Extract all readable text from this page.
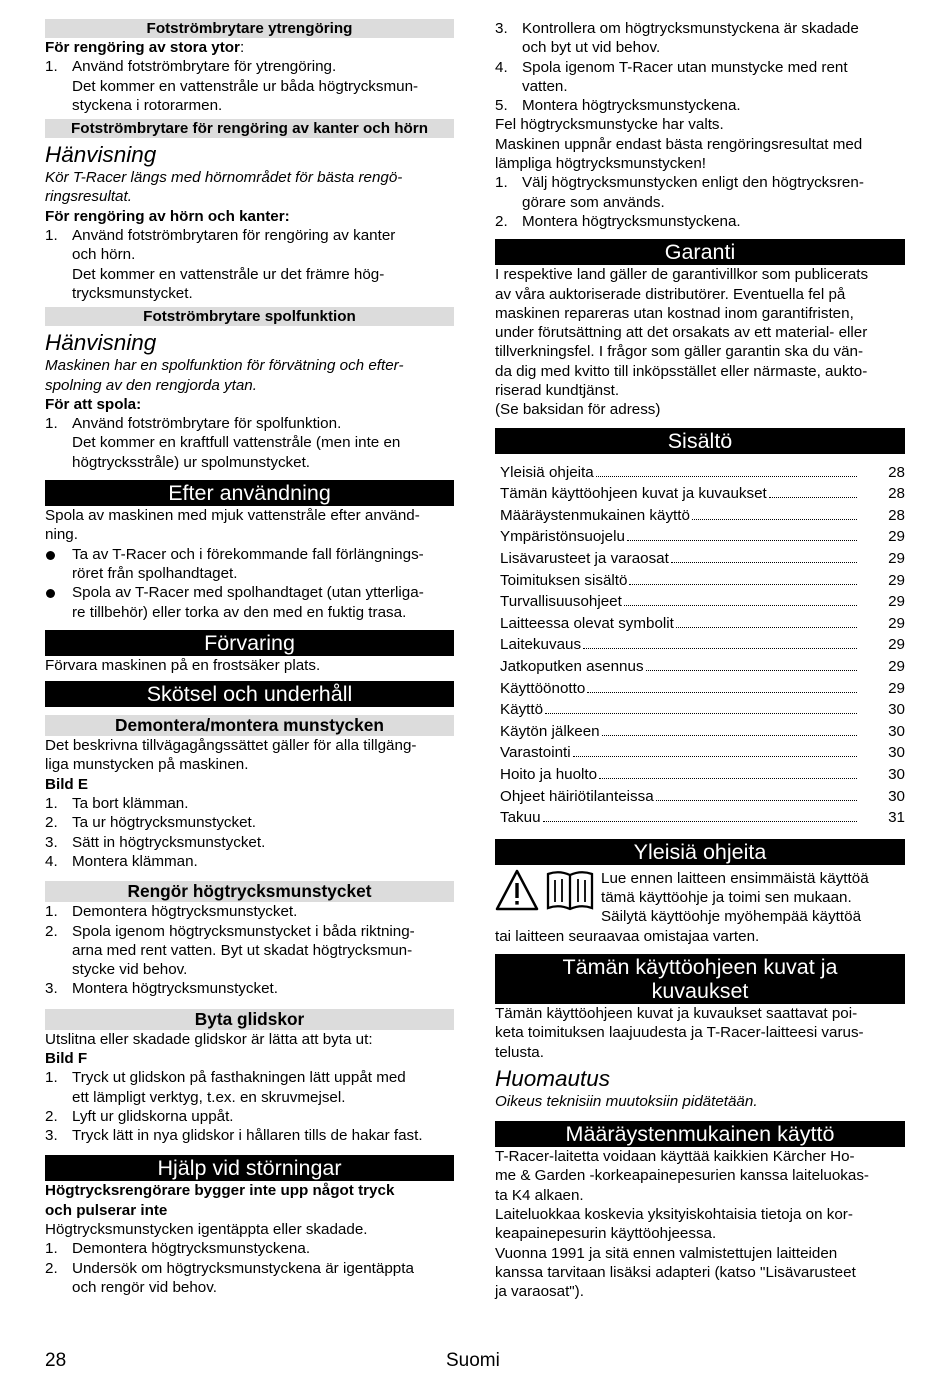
Fotströmbrytare ytrengöring

För rengöring av stora ytor:

1. Använd fotströmbrytare för ytrengöring.
Det kommer en vattenstråle ur båda högtrycksmun-
styckena i rotorarmen.
Fotströmbrytare för rengöring av kanter och hörn

Hänvisning

Kör T-Racer längs med hörnområdet för bästa rengö-
ringsresultat.

För rengöring av hörn och kanter:

1. Använd fotströmbrytaren för rengöring av kanter
och hörn.
Det kommer en vattenstråle ur det främre hög-
trycksmunstycket.
Fotströmbrytare spolfunktion

Hänvisning

Maskinen har en spolfunktion för förvätning och efter-
spolning av den rengjorda ytan.

För att spola:

1. Använd fotströmbrytare för spolfunktion.
Det kommer en kraftfull vattenstråle (men inte en
högtrycksstråle) ur spolmunstycket.
Efter användning
Spola av maskinen med mjuk vattenstråle efter använd-
ning.
Ta av T-Racer och i förekommande fall förlängnings-
röret från spolhandtaget.
Spola av T-Racer med spolhandtaget (utan ytterliga-
re tillbehör) eller torka av den med en fuktig trasa.
Förvaring

Förvara maskinen på en frostsäker plats.

Skötsel och underhåll
Demontera/montera munstycken
Det beskrivna tillvägagångssättet gäller för alla tillgäng-
liga munstycken på maskinen.

Bild E

1. Ta bort klämman.
2. Ta ur högtrycksmunstycket.
3. Sätt in högtrycksmunstycket.
4. Montera klämman.
Rengör högtrycksmunstycket
1. Demontera högtrycksmunstycket.
2. Spola igenom högtrycksmunstycket i båda riktning-
arna med rent vatten. Byt ut skadat högtrycksmun-
stycke vid behov.
3. Montera högtrycksmunstycket.
Byta glidskor
Utslitna eller skadade glidskor är lätta att byta ut:

Bild F

1. Tryck ut glidskon på fasthakningen lätt uppåt med
ett lämpligt verktyg, t.ex. en skruvmejsel.
2. Lyft ur glidskorna uppåt.
3. Tryck lätt in nya glidskor i hållaren tills de hakar fast.
Hjälp vid störningar
Högtrycksrengörare bygger inte upp något tryck
och pulserar inte

Högtrycksmunstycken igentäppta eller skadade.

1. Demontera högtrycksmunstyckena.
2. Undersök om högtrycksmunstyckena är igentäppta
och rengör vid behov.
3. Kontrollera om högtrycksmunstyckena är skadade
och byt ut vid behov.
4. Spola igenom T-Racer utan munstycke med rent
vatten.
5. Montera högtrycksmunstyckena.
Fel högtrycksmunstycke har valts.
Maskinen uppnår endast bästa rengöringsresultat med
lämpliga högtrycksmunstycken!
1. Välj högtrycksmunstycken enligt den högtrycksren-
görare som används.
2. Montera högtrycksmunstyckena.
Garanti
I respektive land gäller de garantivillkor som publicerats
av våra auktoriserade distributörer. Eventuella fel på
maskinen repareras utan kostnad inom garantifristen,
under förutsättning att det orsakats av ett material- eller
tillverkningsfel. I frågor som gäller garantin ska du vän-
da dig med kvitto till inköpsstället eller närmaste, aukto-
riserad kundtjänst.
(Se baksidan för adress)
Sisältö
Yleisiä ohjeita	28
Tämän käyttöohjeen kuvat ja kuvaukset	28
Määräystenmukainen käyttö	28
Ympäristönsuojelu	29
Lisävarusteet ja varaosat	29
Toimituksen sisältö	29
Turvallisuusohjeet	29
Laitteessa olevat symbolit	29
Laitekuvaus	29
Jatkoputken asennus	29
Käyttöönotto	29
Käyttö	30
Käytön jälkeen	30
Varastointi	30
Hoito ja huolto	30
Ohjeet häiriötilanteissa	30
Takuu	31
Yleisiä ohjeita
Lue ennen laitteen ensimmäistä käyttöä
tämä käyttöohje ja toimi sen mukaan.
Säilytä käyttöohje myöhempää käyttöä

tai laitteen seuraavaa omistajaa varten.

Tämän käyttöohjeen kuvat ja
kuvaukset
Tämän käyttöohjeen kuvat ja kuvaukset saattavat poi-
keta toimituksen laajuudesta ja T-Racer-laitteesi varus-
telusta.

Huomautus

Oikeus teknisiin muutoksiin pidätetään.

Määräystenmukainen käyttö
T-Racer-laitetta voidaan käyttää kaikkien Kärcher Ho-
me & Garden -korkeapainepesurien kanssa laiteluokas-
ta K4 alkaen.
Laiteluokkaa koskevia yksityiskohtaisia tietoja on kor-
keapainepesurin käyttöohjeessa.
Vuonna 1991 ja sitä ennen valmistettujen laitteiden
kanssa tarvitaan lisäksi adapteri (katso "Lisävarusteet
ja varaosat").
28	Suomi
